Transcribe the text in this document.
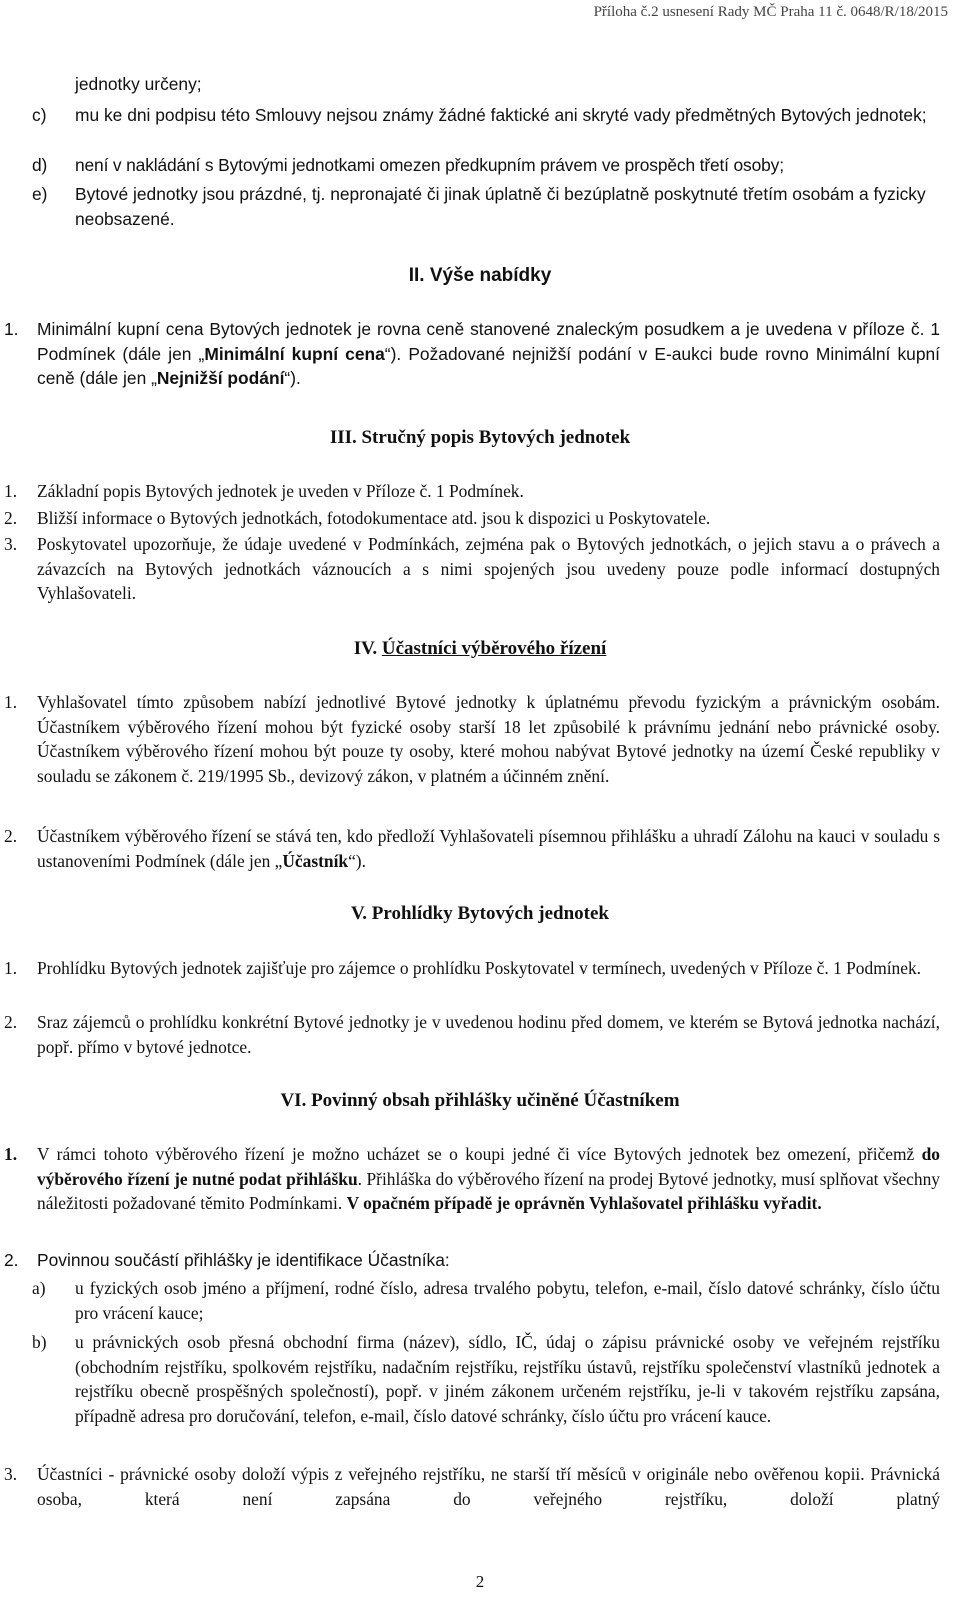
Příloha č.2 usnesení Rady MČ Praha 11 č. 0648/R/18/2015
jednotky určeny;
c) mu ke dni podpisu této Smlouvy nejsou známy žádné faktické ani skryté vady předmětných Bytových jednotek;
d) není v nakládání s Bytovými jednotkami omezen předkupním právem ve prospěch třetí osoby;
e) Bytové jednotky jsou prázdné, tj. nepronajaté či jinak úplatně či bezúplatně poskytnuté třetím osobám a fyzicky neobsazené.
II. Výše nabídky
1. Minimální kupní cena Bytových jednotek je rovna ceně stanovené znaleckým posudkem a je uvedena v příloze č. 1 Podmínek (dále jen „Minimální kupní cena“). Požadované nejnižší podání v E-aukci bude rovno Minimální kupní ceně (dále jen „Nejnižší podání“).
III. Stručný popis Bytových jednotek
1. Základní popis Bytových jednotek je uveden v Příloze č. 1 Podmínek.
2. Bližší informace o Bytových jednotkách, fotodokumentace atd. jsou k dispozici u Poskytovatele.
3. Poskytovatel upozorňuje, že údaje uvedené v Podmínkách, zejména pak o Bytových jednotkách, o jejich stavu a o právech a závazcích na Bytových jednotkách váznoucích a s nimi spojených jsou uvedeny pouze podle informací dostupných Vyhlašovateli.
IV. Účastníci výběrového řízení
1. Vyhlašovatel tímto způsobem nabízí jednotlivé Bytové jednotky k úplatnému převodu fyzickým a právnickým osobám. Účastníkem výběrového řízení mohou být fyzické osoby starší 18 let způsobilé k právnímu jednání nebo právnické osoby. Účastníkem výběrového řízení mohou být pouze ty osoby, které mohou nabývat Bytové jednotky na území České republiky v souladu se zákonem č. 219/1995 Sb., devizový zákon, v platném a účinném znění.
2. Účastníkem výběrového řízení se stává ten, kdo předloží Vyhlašovateli písemnou přihlášku a uhradí Zálohu na kauci v souladu s ustanoveními Podmínek (dále jen „Účastník“).
V. Prohlídky Bytových jednotek
1. Prohlídku Bytových jednotek zajišťuje pro zájemce o prohlídku Poskytovatel v termínech, uvedených v Příloze č. 1 Podmínek.
2. Sraz zájemců o prohlídku konkrétní Bytové jednotky je v uvedenou hodinu před domem, ve kterém se Bytová jednotka nachází, popř. přímo v bytové jednotce.
VI. Povinný obsah přihlášky učiněné Účastníkem
1. V rámci tohoto výběrového řízení je možno ucházet se o koupi jedné či více Bytových jednotek bez omezení, přičemž do výběrového řízení je nutné podat přihlášku. Přihláška do výběrového řízení na prodej Bytové jednotky, musí splňovat všechny náležitosti požadované těmito Podmínkami. V opačném případě je oprávněn Vyhlašovatel přihlášku vyřadit.
2. Povinnou součástí přihlášky je identifikace Účastníka:
a) u fyzických osob jméno a příjmení, rodné číslo, adresa trvalého pobytu, telefon, e-mail, číslo datové schránky, číslo účtu pro vrácení kauce;
b) u právnických osob přesná obchodní firma (název), sídlo, IČ, údaj o zápisu právnické osoby ve veřejném rejstříku (obchodním rejstříku, spolkovém rejstříku, nadačním rejstříku, rejstříku ústavů, rejstříku společenství vlastníků jednotek a rejstříku obecně prospěšných společností), popř. v jiném zákonem určeném rejstříku, je-li v takovém rejstříku zapsána, případně adresa pro doručování, telefon, e-mail, číslo datové schránky, číslo účtu pro vrácení kauce.
3. Účastníci - právnické osoby doloží výpis z veřejného rejstříku, ne starší tří měsíců v originále nebo ověřenou kopii. Právnická osoba, která není zapsána do veřejného rejstříku, doloží platný
2
